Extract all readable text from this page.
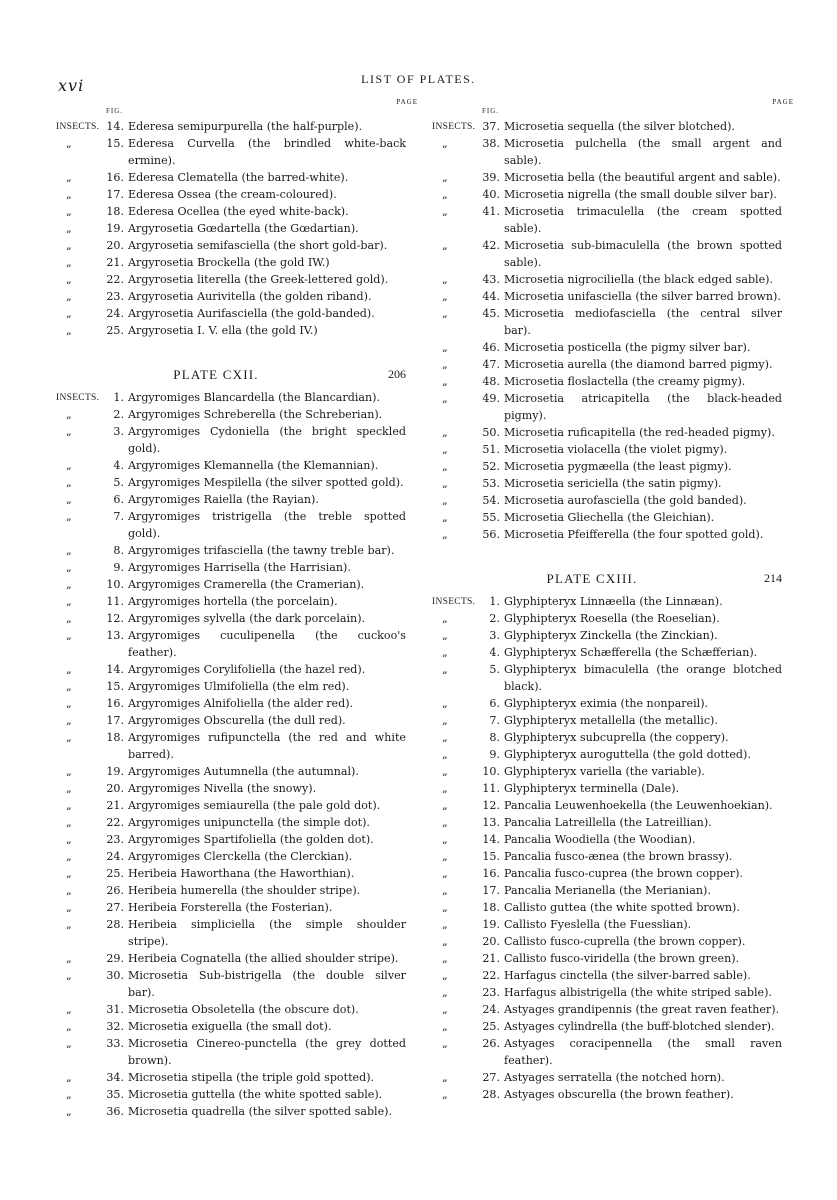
xvi	LIST OF PLATES.
FIG.
PAGE
INSECTS. 14. Ederesa semipurpurella (the half-purple).
„	15. Ederesa Curvella (the brindled white-back ermine).
„	16. Ederesa Clematella (the barred-white).
„	17. Ederesa Ossea (the cream-coloured).
„	18. Ederesa Ocellea (the eyed white-back).
„	19. Argyrosetia Gœdartella (the Gœdartian).
„	20. Argyrosetia semifasciella (the short gold-bar).
„	21. Argyrosetia Brockella (the gold IW.)
„	22. Argyrosetia literella (the Greek-lettered gold).
„	23. Argyrosetia Aurivitella (the golden riband).
„	24. Argyrosetia Aurifasciella (the gold-banded).
„	25. Argyrosetia I. V. ella (the gold IV.)
PLATE CXII.	206
INSECTS.	1. Argyromiges Blancardella (the Blancardian).
„	2. Argyromiges Schreberella (the Schreberian).
„	3. Argyromiges Cydoniella (the bright speckled gold).
„	4. Argyromiges Klemannella (the Klemannian).
„	5. Argyromiges Mespilella (the silver spotted gold).
„	6. Argyromiges Raiella (the Rayian).
„	7. Argyromiges tristrigella (the treble spotted gold).
„	8. Argyromiges trifasciella (the tawny treble bar).
„	9. Argyromiges Harrisella (the Harrisian).
„	10. Argyromiges Cramerella (the Cramerian).
„	11. Argyromiges hortella (the porcelain).
„	12. Argyromiges sylvella (the dark porcelain).
„	13. Argyromiges cuculipenella (the cuckoo's feather).
„	14. Argyromiges Corylifoliella (the hazel red).
„	15. Argyromiges Ulmifoliella (the elm red).
„	16. Argyromiges Alnifoliella (the alder red).
„	17. Argyromiges Obscurella (the dull red).
„	18. Argyromiges rufipunctella (the red and white barred).
„	19. Argyromiges Autumnella (the autumnal).
„	20. Argyromiges Nivella (the snowy).
„	21. Argyromiges semiaurella (the pale gold dot).
„	22. Argyromiges unipunctella (the simple dot).
„	23. Argyromiges Spartifoliella (the golden dot).
„	24. Argyromiges Clerckella (the Clerckian).
„	25. Heribeia Haworthana (the Haworthian).
„	26. Heribeia humerella (the shoulder stripe).
„	27. Heribeia Forsterella (the Fosterian).
„	28. Heribeia simpliciella (the simple shoulder stripe).
„	29. Heribeia Cognatella (the allied shoulder stripe).
„	30. Microsetia Sub-bistrigella (the double silver bar).
„	31. Microsetia Obsoletella (the obscure dot).
„	32. Microsetia exiguella (the small dot).
„	33. Microsetia Cinereo-punctella (the grey dotted brown).
„	34. Microsetia stipella (the triple gold spotted).
„	35. Microsetia guttella (the white spotted sable).
„	36. Microsetia quadrella (the silver spotted sable).
FIG.
PAGE
INSECTS. 37. Microsetia sequella (the silver blotched).
„	38. Microsetia pulchella (the small argent and sable).
„	39. Microsetia bella (the beautiful argent and sable).
„	40. Microsetia nigrella (the small double silver bar).
„	41. Microsetia trimaculella (the cream spotted sable).
„	42. Microsetia sub-bimaculella (the brown spotted sable).
„	43. Microsetia nigrociliella (the black edged sable).
„	44. Microsetia unifasciella (the silver barred brown).
„	45. Microsetia mediofasciella (the central silver bar).
„	46. Microsetia posticella (the pigmy silver bar).
„	47. Microsetia aurella (the diamond barred pigmy).
„	48. Microsetia floslactella (the creamy pigmy).
„	49. Microsetia atricapitella (the black-headed pigmy).
„	50. Microsetia ruficapitella (the red-headed pigmy).
„	51. Microsetia violacella (the violet pigmy).
„	52. Microsetia pygmæella (the least pigmy).
„	53. Microsetia sericiella (the satin pigmy).
„	54. Microsetia aurofasciella (the gold banded).
„	55. Microsetia Gliechella (the Gleichian).
„	56. Microsetia Pfeifferella (the four spotted gold).
PLATE CXIII.	214
INSECTS.	1. Glyphipteryx Linnæella (the Linnæan).
„	2. Glyphipteryx Roesella (the Roeselian).
„	3. Glyphipteryx Zinckella (the Zinckian).
„	4. Glyphipteryx Schæfferella (the Schæfferian).
„	5. Glyphipteryx bimaculella (the orange blotched black).
„	6. Glyphipteryx eximia (the nonpareil).
„	7. Glyphipteryx metallella (the metallic).
„	8. Glyphipteryx subcuprella (the coppery).
„	9. Glyphipteryx auroguttella (the gold dotted).
„	10. Glyphipteryx variella (the variable).
„	11. Glyphipteryx terminella (Dale).
„	12. Pancalia Leuwenhoekella (the Leuwenhoekian).
„	13. Pancalia Latreillella (the Latreillian).
„	14. Pancalia Woodiella (the Woodian).
„	15. Pancalia fusco-ænea (the brown brassy).
„	16. Pancalia fusco-cuprea (the brown copper).
„	17. Pancalia Merianella (the Merianian).
„	18. Callisto guttea (the white spotted brown).
„	19. Callisto Fyeslella (the Fuesslian).
„	20. Callisto fusco-cuprella (the brown copper).
„	21. Callisto fusco-viridella (the brown green).
„	22. Harfagus cinctella (the silver-barred sable).
„	23. Harfagus albistrigella (the white striped sable).
„	24. Astyages grandipennis (the great raven feather).
„	25. Astyages cylindrella (the buff-blotched slender).
„	26. Astyages coracipennella (the small raven feather).
„	27. Astyages serratella (the notched horn).
„	28. Astyages obscurella (the brown feather).
